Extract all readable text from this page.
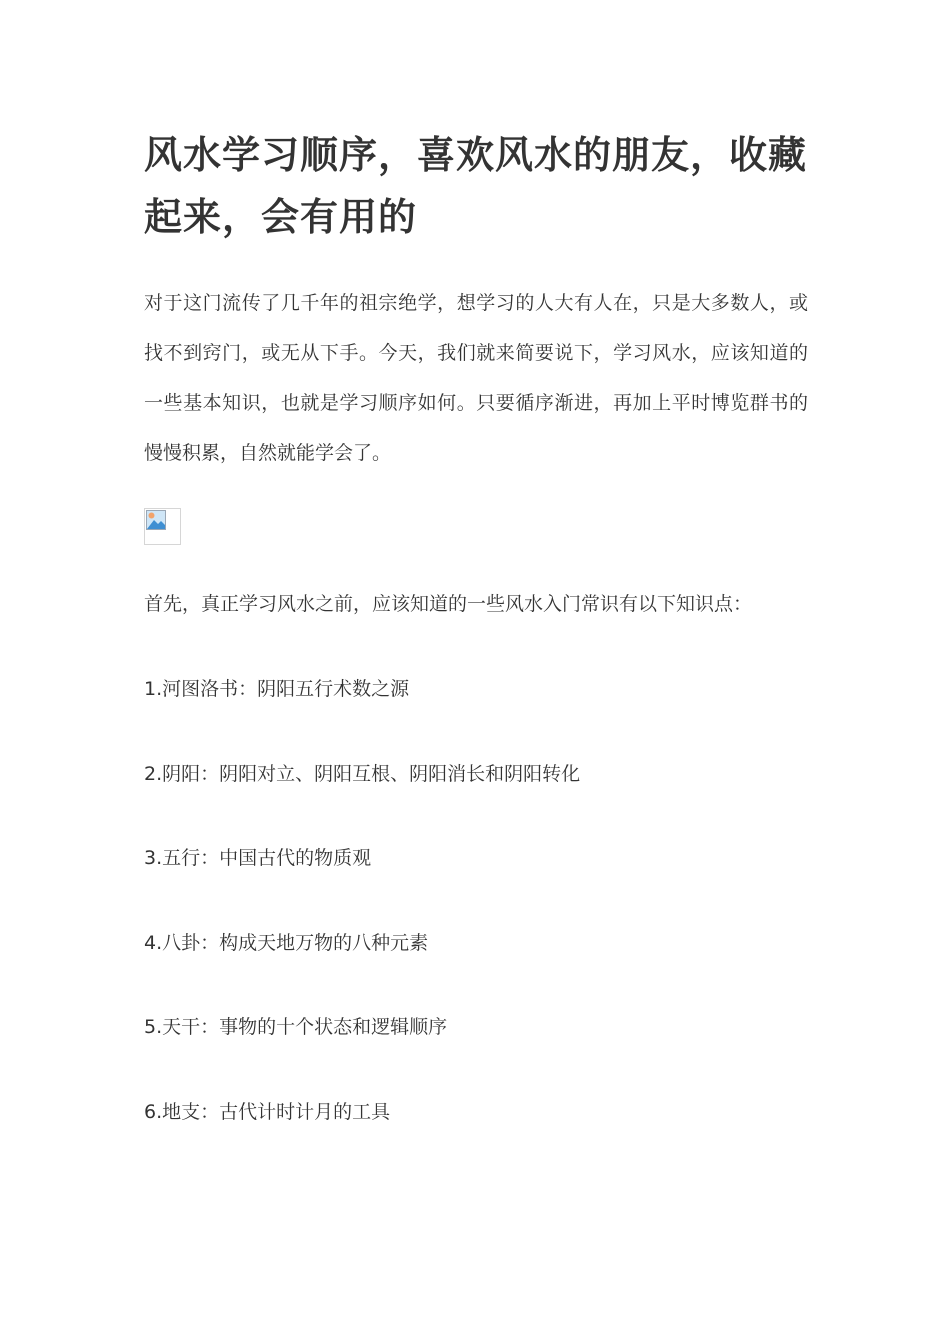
风水学习顺序，喜欢风水的朋友，收藏起来，会有用的

对于这门流传了几千年的祖宗绝学，想学习的人大有人在，只是大多数人，或找不到窍门，或无从下手。今天，我们就来简要说下，学习风水，应该知道的一些基本知识，也就是学习顺序如何。只要循序渐进，再加上平时博览群书的慢慢积累，自然就能学会了。

首先，真正学习风水之前，应该知道的一些风水入门常识有以下知识点：

1.河图洛书：阴阳五行术数之源
2.阴阳：阴阳对立、阴阳互根、阴阳消长和阴阳转化
3.五行：中国古代的物质观
4.八卦：构成天地万物的八种元素
5.天干：事物的十个状态和逻辑顺序
6.地支：古代计时计月的工具
